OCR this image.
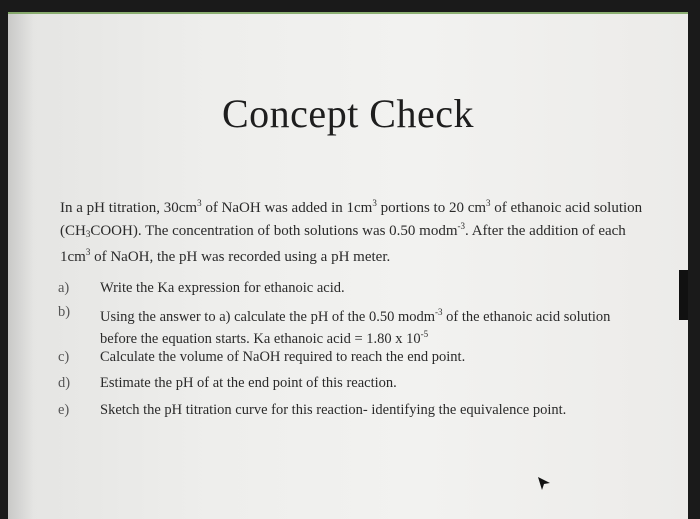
Concept Check
In a pH titration, $30cm^3$ of NaOH was added in $1cm^3$ portions to 20 $cm^3$ of ethanoic acid solution $(CH_3COOH)$. The concentration of both solutions was 0.50 modm$^{-3}$. After the addition of each $1cm^3$ of NaOH, the pH was recorded using a pH meter.
a)	Write the Ka expression for ethanoic acid.
b)	Using the answer to a) calculate the pH of the 0.50 modm$^{-3}$ of the ethanoic acid solution before the equation starts. Ka ethanoic acid = 1.80 x $10^{-5}$
c)	Calculate the volume of NaOH required to reach the end point.
d)	Estimate the pH of at the end point of this reaction.
e)	Sketch the pH titration curve for this reaction- identifying the equivalence point.
